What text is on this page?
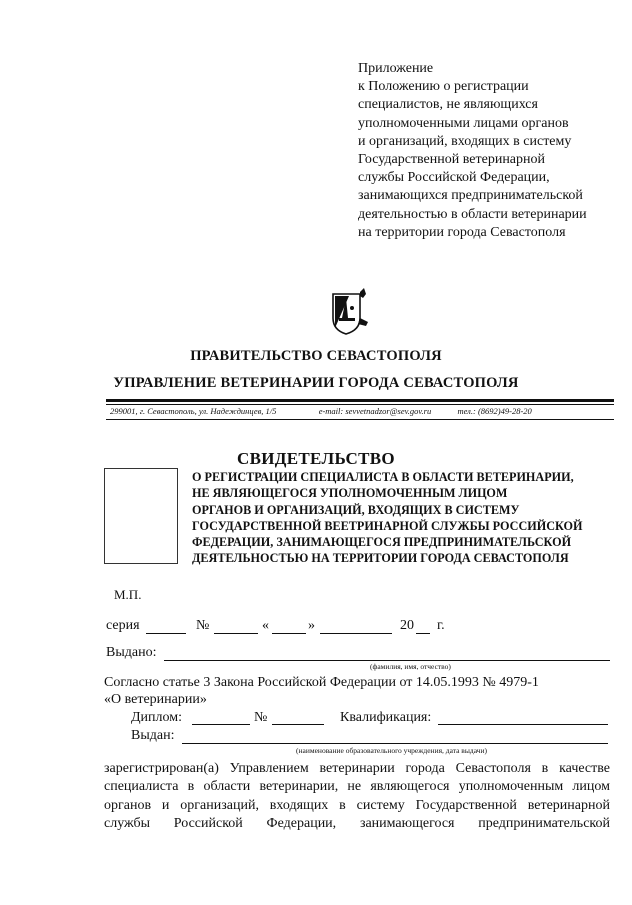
Приложение
к Положению о регистрации
специалистов, не являющихся
уполномоченными лицами органов
и организаций, входящих в систему
Государственной ветеринарной
службы Российской Федерации,
занимающихся предпринимательской
деятельностью в области ветеринарии
на территории города Севастополя
ПРАВИТЕЛЬСТВО СЕВАСТОПОЛЯ
УПРАВЛЕНИЕ ВЕТЕРИНАРИИ ГОРОДА СЕВАСТОПОЛЯ
299001, г. Севастополь, ул. Надеждинцев, 1/5	e-mail: sevvetnadzor@sev.gov.ru	тел.: (8692)49-28-20
СВИДЕТЕЛЬСТВО
О РЕГИСТРАЦИИ СПЕЦИАЛИСТА В ОБЛАСТИ ВЕТЕРИНАРИИ,
НЕ ЯВЛЯЮЩЕГОСЯ УПОЛНОМОЧЕННЫМ ЛИЦОМ
ОРГАНОВ И ОРГАНИЗАЦИЙ, ВХОДЯЩИХ В СИСТЕМУ
ГОСУДАРСТВЕННОЙ ВЕЕТРИНАРНОЙ СЛУЖБЫ РОССИЙСКОЙ
ФЕДЕРАЦИИ, ЗАНИМАЮЩЕГОСЯ ПРЕДПРИНИМАТЕЛЬСКОЙ
ДЕЯТЕЛЬНОСТЬЮ НА ТЕРРИТОРИИ ГОРОДА СЕВАСТОПОЛЯ
М.П.
серия	№	«	»	20 г.
Выдано:
(фамилия, имя, отчество)
Согласно статье 3 Закона Российской Федерации от 14.05.1993 № 4979-1
«О ветеринарии»
Диплом:	№	Квалификация:
Выдан:
(наименование образовательного учреждения, дата выдачи)
зарегистрирован(а) Управлением ветеринарии города Севастополя в качестве
специалиста в области ветеринарии, не являющегося уполномоченным лицом
органов и организаций, входящих в систему Государственной ветеринарной
службы Российской Федерации, занимающегося предпринимательской
